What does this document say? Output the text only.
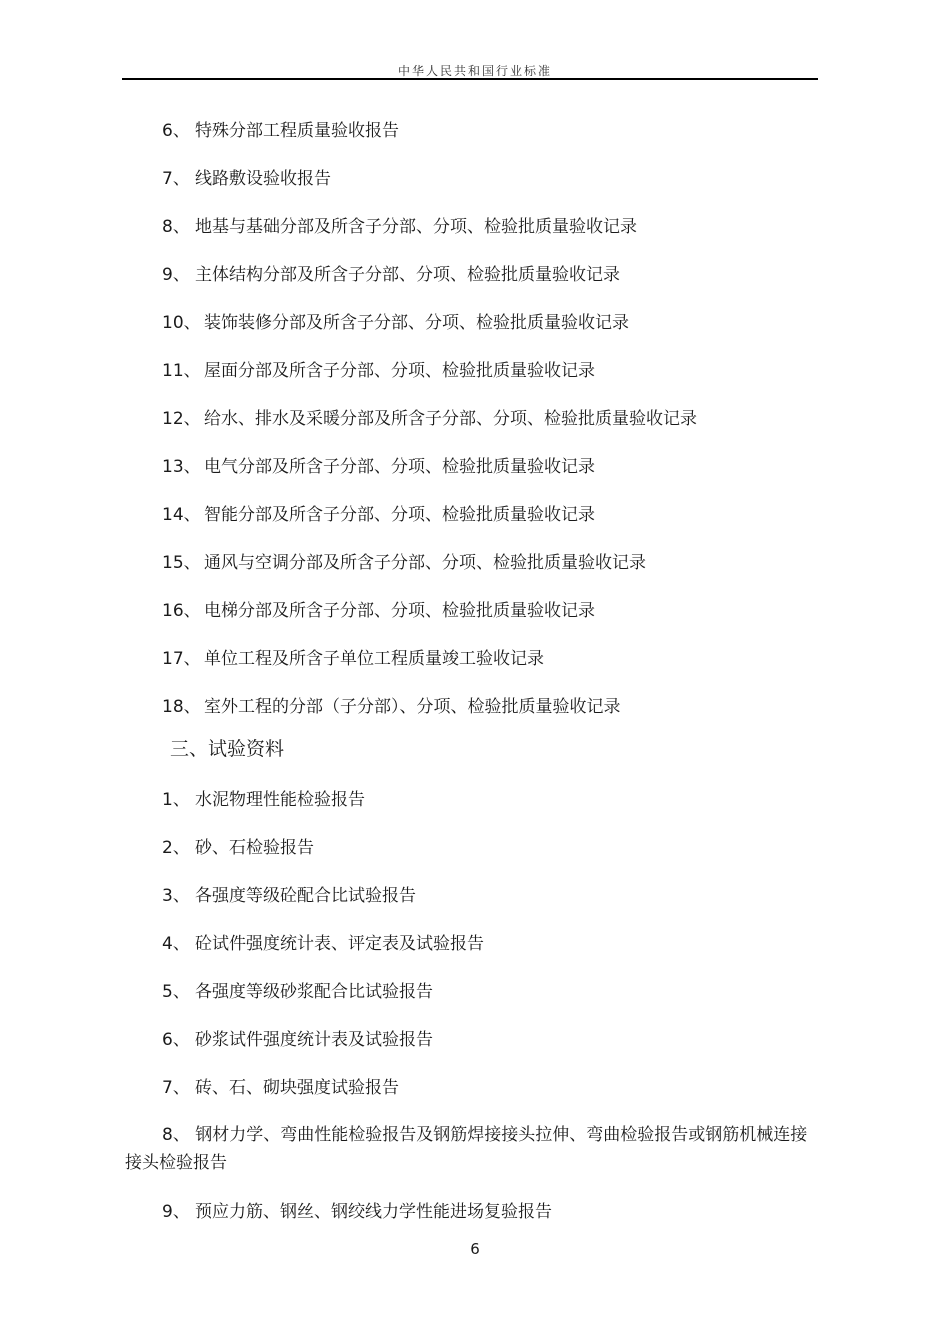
中华人民共和国行业标准
6、 特殊分部工程质量验收报告
7、 线路敷设验收报告
8、 地基与基础分部及所含子分部、分项、检验批质量验收记录
9、 主体结构分部及所含子分部、分项、检验批质量验收记录
10、 装饰装修分部及所含子分部、分项、检验批质量验收记录
11、 屋面分部及所含子分部、分项、检验批质量验收记录
12、 给水、排水及采暖分部及所含子分部、分项、检验批质量验收记录
13、 电气分部及所含子分部、分项、检验批质量验收记录
14、 智能分部及所含子分部、分项、检验批质量验收记录
15、 通风与空调分部及所含子分部、分项、检验批质量验收记录
16、 电梯分部及所含子分部、分项、检验批质量验收记录
17、 单位工程及所含子单位工程质量竣工验收记录
18、 室外工程的分部（子分部）、分项、检验批质量验收记录
三、试验资料
1、 水泥物理性能检验报告
2、 砂、石检验报告
3、 各强度等级砼配合比试验报告
4、 砼试件强度统计表、评定表及试验报告
5、 各强度等级砂浆配合比试验报告
6、 砂浆试件强度统计表及试验报告
7、 砖、石、砌块强度试验报告
8、 钢材力学、弯曲性能检验报告及钢筋焊接接头拉伸、弯曲检验报告或钢筋机械连接接头检验报告
9、 预应力筋、钢丝、钢绞线力学性能进场复验报告
6
